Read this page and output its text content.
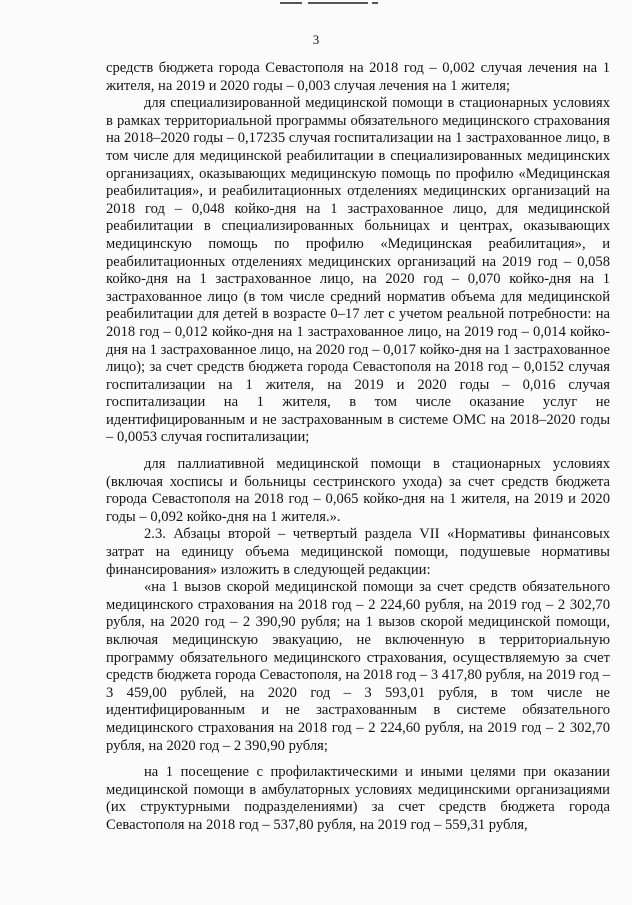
3

средств бюджета города Севастополя на 2018 год – 0,002 случая лечения на 1 жителя, на 2019 и 2020 годы – 0,003 случая лечения на 1 жителя;

для специализированной медицинской помощи в стационарных условиях в рамках территориальной программы обязательного медицинского страхования на 2018–2020 годы – 0,17235 случая госпитализации на 1 застрахованное лицо, в том числе для медицинской реабилитации в специализированных медицинских организациях, оказывающих медицинскую помощь по профилю «Медицинская реабилитация», и реабилитационных отделениях медицинских организаций на 2018 год – 0,048 койко-дня на 1 застрахованное лицо, для медицинской реабилитации в специализированных больницах и центрах, оказывающих медицинскую помощь по профилю «Медицинская реабилитация», и реабилитационных отделениях медицинских организаций на 2019 год – 0,058 койко-дня на 1 застрахованное лицо, на 2020 год – 0,070 койко-дня на 1 застрахованное лицо (в том числе средний норматив объема для медицинской реабилитации для детей в возрасте 0–17 лет с учетом реальной потребности: на 2018 год – 0,012 койко-дня на 1 застрахованное лицо, на 2019 год – 0,014 койко-дня на 1 застрахованное лицо, на 2020 год – 0,017 койко-дня на 1 застрахованное лицо); за счет средств бюджета города Севастополя на 2018 год – 0,0152 случая госпитализации на 1 жителя, на 2019 и 2020 годы – 0,016 случая госпитализации на 1 жителя, в том числе оказание услуг не идентифицированным и не застрахованным в системе ОМС на 2018–2020 годы – 0,0053 случая госпитализации;

для паллиативной медицинской помощи в стационарных условиях (включая хосписы и больницы сестринского ухода) за счет средств бюджета города Севастополя на 2018 год – 0,065 койко-дня на 1 жителя, на 2019 и 2020 годы – 0,092 койко-дня на 1 жителя.».

2.3. Абзацы второй – четвертый раздела VII «Нормативы финансовых затрат на единицу объема медицинской помощи, подушевые нормативы финансирования» изложить в следующей редакции:

«на 1 вызов скорой медицинской помощи за счет средств обязательного медицинского страхования на 2018 год – 2 224,60 рубля, на 2019 год – 2 302,70 рубля, на 2020 год – 2 390,90 рубля; на 1 вызов скорой медицинской помощи, включая медицинскую эвакуацию, не включенную в территориальную программу обязательного медицинского страхования, осуществляемую за счет средств бюджета города Севастополя, на 2018 год – 3 417,80 рубля, на 2019 год – 3 459,00 рублей, на 2020 год – 3 593,01 рубля, в том числе не идентифицированным и не застрахованным в системе обязательного медицинского страхования на 2018 год – 2 224,60 рубля, на 2019 год – 2 302,70 рубля, на 2020 год – 2 390,90 рубля;

на 1 посещение с профилактическими и иными целями при оказании медицинской помощи в амбулаторных условиях медицинскими организациями (их структурными подразделениями) за счет средств бюджета города Севастополя на 2018 год – 537,80 рубля, на 2019 год – 559,31 рубля,
